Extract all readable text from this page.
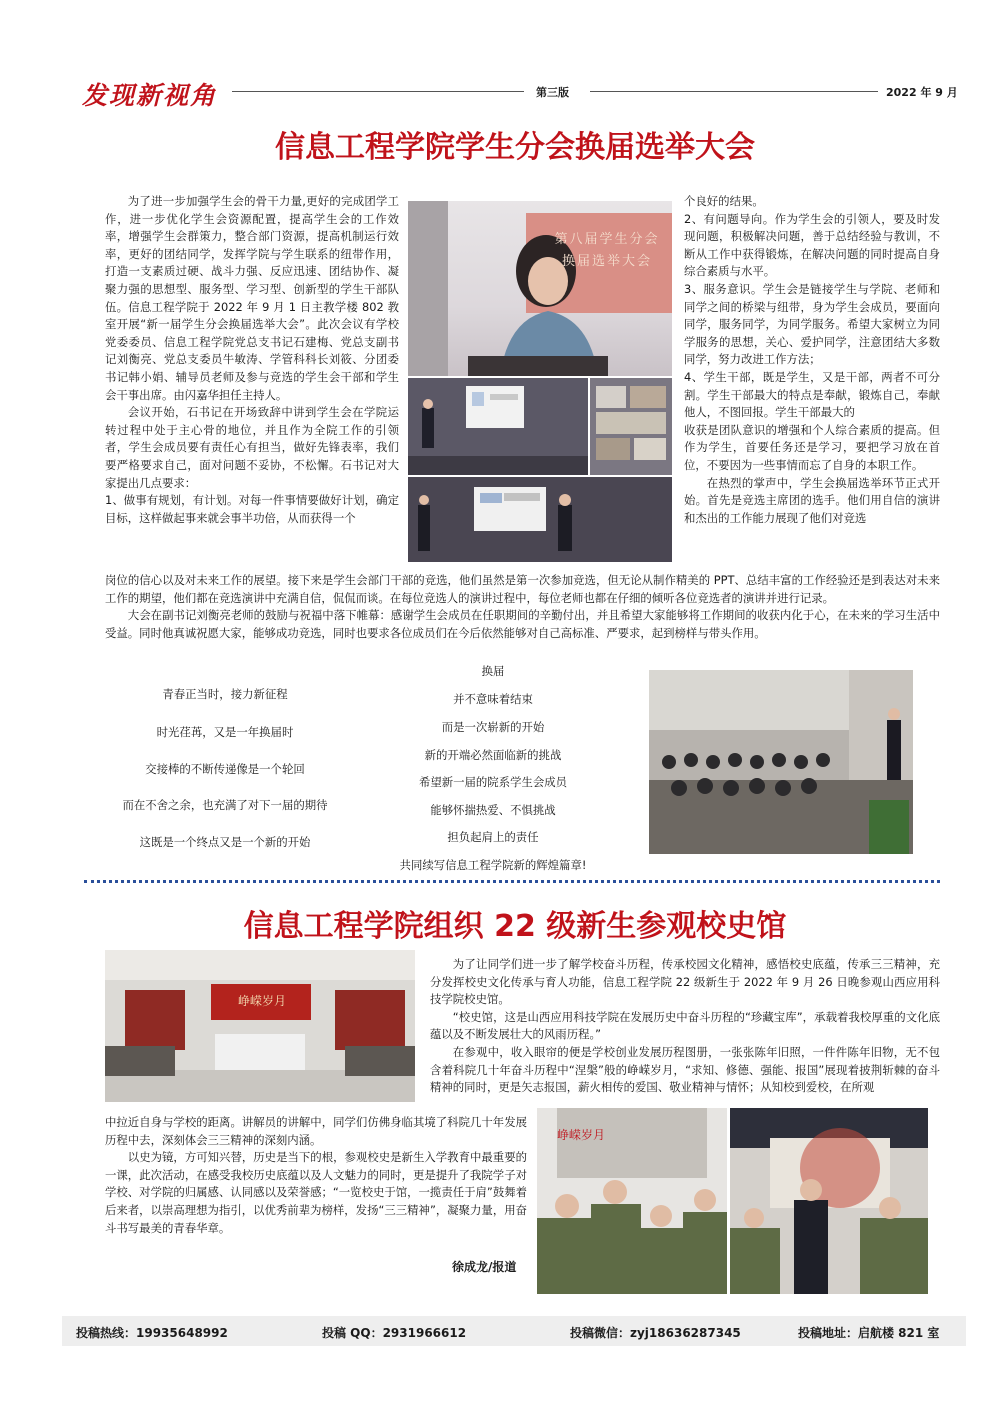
发现新视角	第三版	2022 年 9 月
信息工程学院学生分会换届选举大会

为了进一步加强学生会的骨干力量,更好的完成团学工作，进一步优化学生会资源配置，提高学生会的工作效率，增强学生会群策力，整合部门资源，提高机制运行效率，更好的团结同学，发挥学院与学生联系的纽带作用，打造一支素质过硬、战斗力强、反应迅速、团结协作、凝聚力强的思想型、服务型、学习型、创新型的学生干部队伍。信息工程学院于 2022 年 9 月 1 日主教学楼 802 教室开展“新一届学生分会换届选举大会”。此次会议有学校党委委员、信息工程学院党总支书记石建梅、党总支副书记刘衡亮、党总支委员牛敏涛、学管科科长刘筱、分团委书记韩小娟、辅导员老师及参与竞选的学生会干部和学生会干事出席。由闪嘉华担任主持人。

会议开始，石书记在开场致辞中讲到学生会在学院运转过程中处于主心骨的地位，并且作为全院工作的引领者，学生会成员要有责任心有担当，做好先锋表率，我们要严格要求自己，面对问题不妥协，不松懈。石书记对大家提出几点要求：

1、做事有规划，有计划。对每一件事情要做好计划，确定目标，这样做起事来就会事半功倍，从而获得一个

第八届学生分会 换届选举大会

个良好的结果。

2、有问题导向。作为学生会的引领人，要及时发现问题，积极解决问题，善于总结经验与教训，不断从工作中获得锻炼，在解决问题的同时提高自身综合素质与水平。

3、服务意识。学生会是链接学生与学院、老师和同学之间的桥梁与纽带，身为学生会成员，要面向同学，服务同学，为同学服务。希望大家树立为同学服务的思想，关心、爱护同学，注意团结大多数同学，努力改进工作方法；

4、学生干部，既是学生，又是干部，两者不可分割。学生干部最大的特点是奉献，锻炼自己，奉献他人，不图回报。学生干部最大的

收获是团队意识的增强和个人综合素质的提高。但作为学生，首要任务还是学习，要把学习放在首位，不要因为一些事情而忘了自身的本职工作。

在热烈的掌声中，学生会换届选举环节正式开始。首先是竞选主席团的选手。他们用自信的演讲和杰出的工作能力展现了他们对竞选

岗位的信心以及对未来工作的展望。接下来是学生会部门干部的竞选，他们虽然是第一次参加竞选，但无论从制作精美的 PPT、总结丰富的工作经验还是到表达对未来工作的期望，他们都在竞选演讲中充满自信，侃侃而谈。在每位竞选人的演讲过程中，每位老师也都在仔细的倾听各位竞选者的演讲并进行记录。

大会在副书记刘衡亮老师的鼓励与祝福中落下帷幕：感谢学生会成员在任职期间的辛勤付出，并且希望大家能够将工作期间的收获内化于心，在未来的学习生活中受益。同时他真诚祝愿大家，能够成功竞选，同时也要求各位成员们在今后依然能够对自己高标准、严要求，起到榜样与带头作用。

青春正当时，接力新征程
时光荏苒，又是一年换届时
交接棒的不断传递像是一个轮回
而在不舍之余，也充满了对下一届的期待
这既是一个终点又是一个新的开始
换届
并不意味着结束
而是一次崭新的开始
新的开端必然面临新的挑战
希望新一届的院系学生会成员
能够怀揣热爱、不惧挑战
担负起肩上的责任
共同续写信息工程学院新的辉煌篇章!
信息工程学院组织 22 级新生参观校史馆
峥嵘岁月

为了让同学们进一步了解学校奋斗历程，传承校园文化精神，感悟校史底蕴，传承三三精神，充分发挥校史文化传承与育人功能，信息工程学院 22 级新生于 2022 年 9 月 26 日晚参观山西应用科技学院校史馆。

“校史馆，这是山西应用科技学院在发展历史中奋斗历程的“珍藏宝库”，承载着我校厚重的文化底蕴以及不断发展壮大的风雨历程。”

在参观中，收入眼帘的便是学校创业发展历程图册，一张张陈年旧照，一件件陈年旧物，无不包含着科院几十年奋斗历程中“涅槃”般的峥嵘岁月，“求知、修德、强能、报国”展现着披荆斩棘的奋斗精神的同时，更是矢志报国，薪火相传的爱国、敬业精神与情怀；从知校到爱校，在所观

中拉近自身与学校的距离。讲解员的讲解中，同学们仿佛身临其境了科院几十年发展历程中去，深刻体会三三精神的深刻内涵。

以史为镜，方可知兴替，历史是当下的根，参观校史是新生入学教育中最重要的一课，此次活动，在感受我校历史底蕴以及人文魅力的同时，更是提升了我院学子对学校、对学院的归属感、认同感以及荣誉感；“一览校史于馆，一揽责任于肩”鼓舞着后来者，以崇高理想为指引，以优秀前辈为榜样，发扬“三三精神”，凝聚力量，用奋斗书写最美的青春华章。

徐成龙/报道
峥嵘岁月
投稿热线：19935648992	投稿 QQ：2931966612	投稿微信：zyj18636287345	投稿地址：启航楼 821 室
